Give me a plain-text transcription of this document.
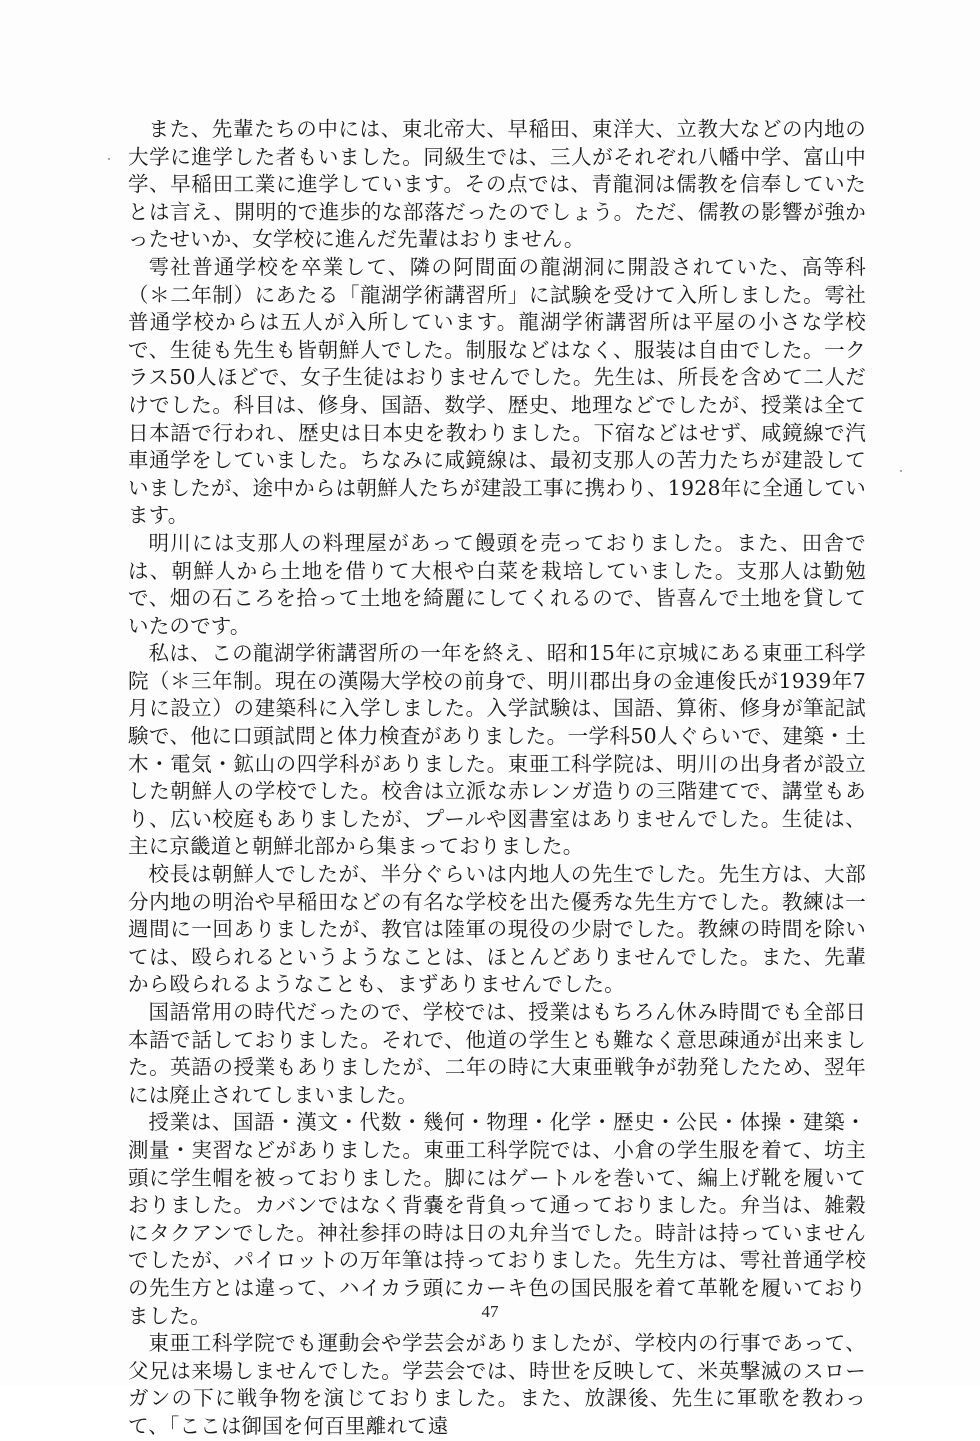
また、先輩たちの中には、東北帝大、早稲田、東洋大、立教大などの内地の大学に進学した者もいました。同級生では、三人がそれぞれ八幡中学、富山中学、早稲田工業に進学しています。その点では、青龍洞は儒教を信奉していたとは言え、開明的で進歩的な部落だったのでしょう。ただ、儒教の影響が強かったせいか、女学校に進んだ先輩はおりません。

雩社普通学校を卒業して、隣の阿間面の龍湖洞に開設されていた、高等科（＊二年制）にあたる「龍湖学術講習所」に試験を受けて入所しました。雩社普通学校からは五人が入所しています。龍湖学術講習所は平屋の小さな学校で、生徒も先生も皆朝鮮人でした。制服などはなく、服装は自由でした。一クラス50人ほどで、女子生徒はおりませんでした。先生は、所長を含めて二人だけでした。科目は、修身、国語、数学、歴史、地理などでしたが、授業は全て日本語で行われ、歴史は日本史を教わりました。下宿などはせず、咸鏡線で汽車通学をしていました。ちなみに咸鏡線は、最初支那人の苦力たちが建設していましたが、途中からは朝鮮人たちが建設工事に携わり、1928年に全通しています。

明川には支那人の料理屋があって饅頭を売っておりました。また、田舎では、朝鮮人から土地を借りて大根や白菜を栽培していました。支那人は勤勉で、畑の石ころを拾って土地を綺麗にしてくれるので、皆喜んで土地を貸していたのです。

私は、この龍湖学術講習所の一年を終え、昭和15年に京城にある東亜工科学院（＊三年制。現在の漢陽大学校の前身で、明川郡出身の金連俊氏が1939年7月に設立）の建築科に入学しました。入学試験は、国語、算術、修身が筆記試験で、他に口頭試問と体力検査がありました。一学科50人ぐらいで、建築・土木・電気・鉱山の四学科がありました。東亜工科学院は、明川の出身者が設立した朝鮮人の学校でした。校舎は立派な赤レンガ造りの三階建てで、講堂もあり、広い校庭もありましたが、プールや図書室はありませんでした。生徒は、主に京畿道と朝鮮北部から集まっておりました。

校長は朝鮮人でしたが、半分ぐらいは内地人の先生でした。先生方は、大部分内地の明治や早稲田などの有名な学校を出た優秀な先生方でした。教練は一週間に一回ありましたが、教官は陸軍の現役の少尉でした。教練の時間を除いては、殴られるというようなことは、ほとんどありませんでした。また、先輩から殴られるようなことも、まずありませんでした。

国語常用の時代だったので、学校では、授業はもちろん休み時間でも全部日本語で話しておりました。それで、他道の学生とも難なく意思疎通が出来ました。英語の授業もありましたが、二年の時に大東亜戦争が勃発したため、翌年には廃止されてしまいました。

授業は、国語・漢文・代数・幾何・物理・化学・歴史・公民・体操・建築・測量・実習などがありました。東亜工科学院では、小倉の学生服を着て、坊主頭に学生帽を被っておりました。脚にはゲートルを巻いて、編上げ靴を履いておりました。カバンではなく背嚢を背負って通っておりました。弁当は、雑穀にタクアンでした。神社参拝の時は日の丸弁当でした。時計は持っていませんでしたが、パイロットの万年筆は持っておりました。先生方は、雩社普通学校の先生方とは違って、ハイカラ頭にカーキ色の国民服を着て革靴を履いておりました。

東亜工科学院でも運動会や学芸会がありましたが、学校内の行事であって、父兄は来場しませんでした。学芸会では、時世を反映して、米英撃滅のスローガンの下に戦争物を演じておりました。また、放課後、先生に軍歌を教わって、「ここは御国を何百里離れて遠

47
